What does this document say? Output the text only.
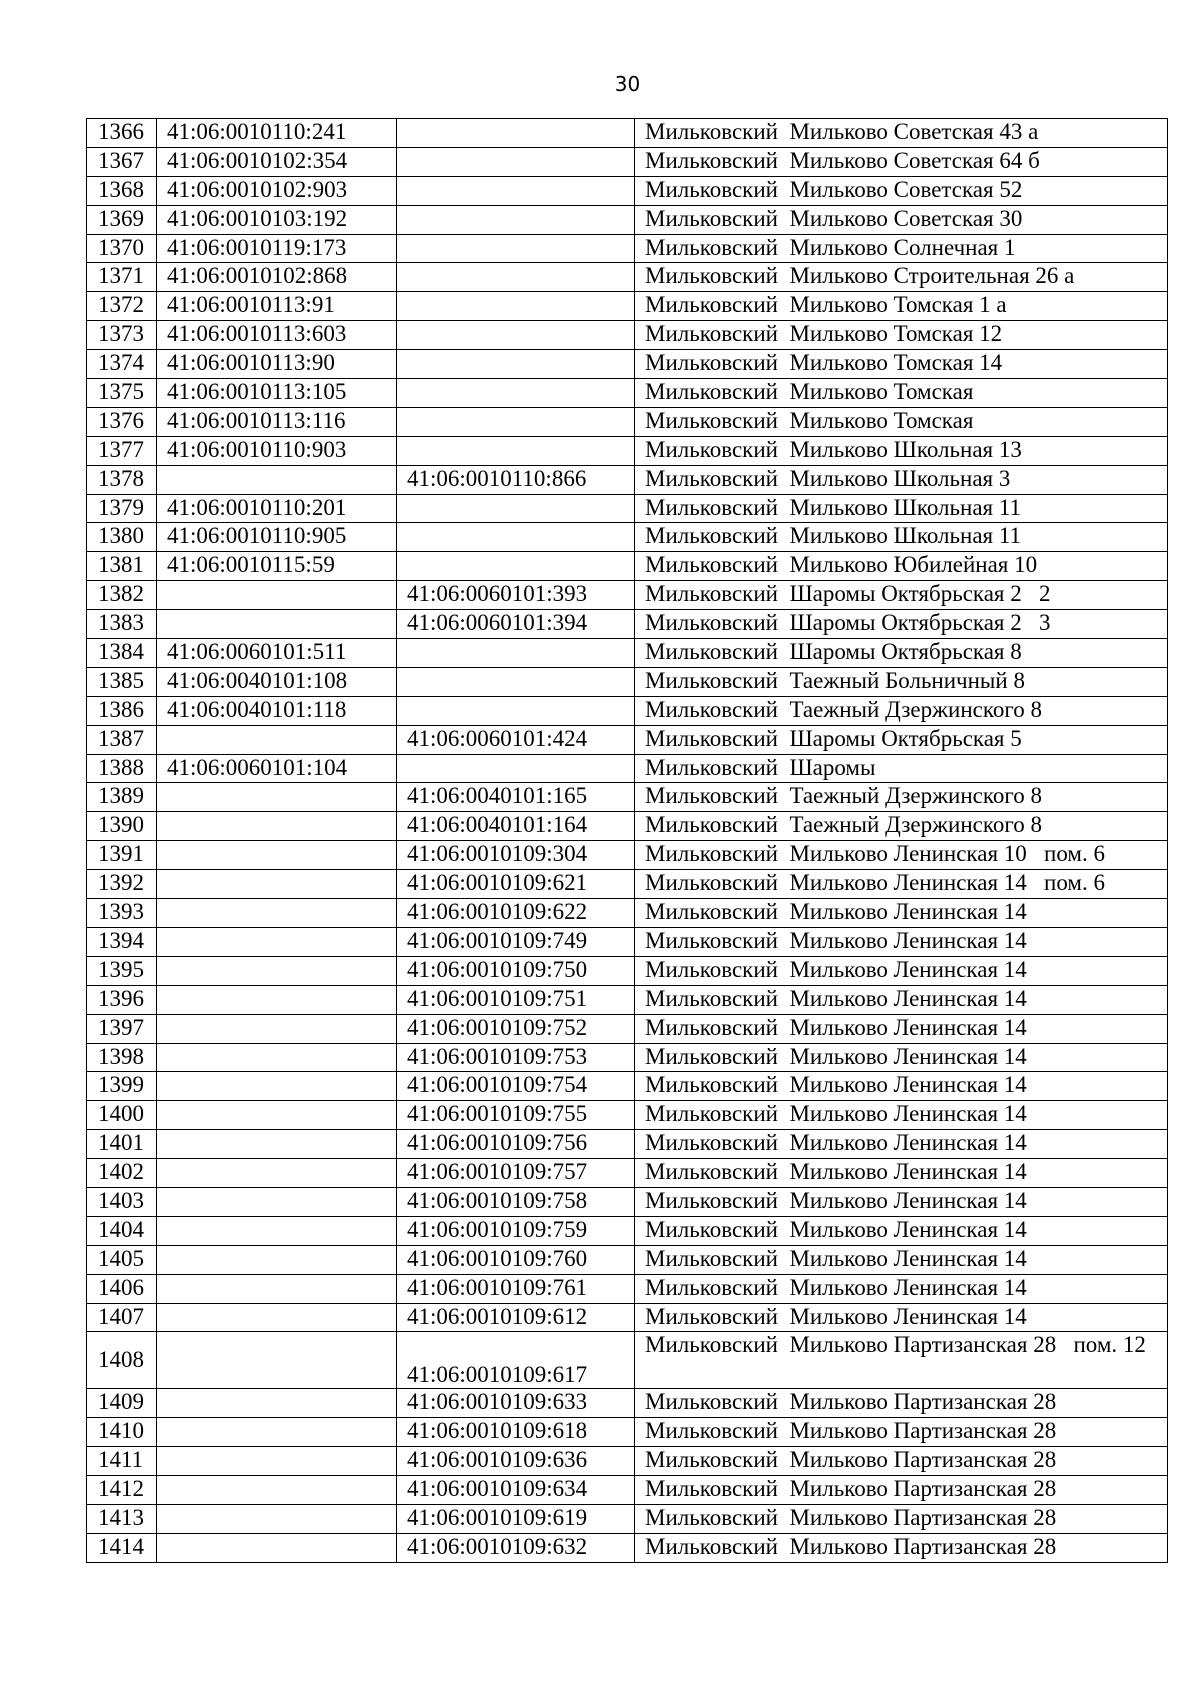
30
1366	41:06:0010110:241		Мильковский  Мильково Советская 43 а
1367	41:06:0010102:354		Мильковский  Мильково Советская 64 б
1368	41:06:0010102:903		Мильковский  Мильково Советская 52
1369	41:06:0010103:192		Мильковский  Мильково Советская 30
1370	41:06:0010119:173		Мильковский  Мильково Солнечная 1
1371	41:06:0010102:868		Мильковский  Мильково Строительная 26 а
1372	41:06:0010113:91		Мильковский  Мильково Томская 1 а
1373	41:06:0010113:603		Мильковский  Мильково Томская 12
1374	41:06:0010113:90		Мильковский  Мильково Томская 14
1375	41:06:0010113:105		Мильковский  Мильково Томская
1376	41:06:0010113:116		Мильковский  Мильково Томская
1377	41:06:0010110:903		Мильковский  Мильково Школьная 13
1378		41:06:0010110:866	Мильковский  Мильково Школьная 3
1379	41:06:0010110:201		Мильковский  Мильково Школьная 11
1380	41:06:0010110:905		Мильковский  Мильково Школьная 11
1381	41:06:0010115:59		Мильковский  Мильково Юбилейная 10
1382		41:06:0060101:393	Мильковский  Шаромы Октябрьская 2   2
1383		41:06:0060101:394	Мильковский  Шаромы Октябрьская 2   3
1384	41:06:0060101:511		Мильковский  Шаромы Октябрьская 8
1385	41:06:0040101:108		Мильковский  Таежный Больничный 8
1386	41:06:0040101:118		Мильковский  Таежный Дзержинского 8
1387		41:06:0060101:424	Мильковский  Шаромы Октябрьская 5
1388	41:06:0060101:104		Мильковский  Шаромы
1389		41:06:0040101:165	Мильковский  Таежный Дзержинского 8
1390		41:06:0040101:164	Мильковский  Таежный Дзержинского 8
1391		41:06:0010109:304	Мильковский  Мильково Ленинская 10   пом. 6
1392		41:06:0010109:621	Мильковский  Мильково Ленинская 14   пом. 6
1393		41:06:0010109:622	Мильковский  Мильково Ленинская 14
1394		41:06:0010109:749	Мильковский  Мильково Ленинская 14
1395		41:06:0010109:750	Мильковский  Мильково Ленинская 14
1396		41:06:0010109:751	Мильковский  Мильково Ленинская 14
1397		41:06:0010109:752	Мильковский  Мильково Ленинская 14
1398		41:06:0010109:753	Мильковский  Мильково Ленинская 14
1399		41:06:0010109:754	Мильковский  Мильково Ленинская 14
1400		41:06:0010109:755	Мильковский  Мильково Ленинская 14
1401		41:06:0010109:756	Мильковский  Мильково Ленинская 14
1402		41:06:0010109:757	Мильковский  Мильково Ленинская 14
1403		41:06:0010109:758	Мильковский  Мильково Ленинская 14
1404		41:06:0010109:759	Мильковский  Мильково Ленинская 14
1405		41:06:0010109:760	Мильковский  Мильково Ленинская 14
1406		41:06:0010109:761	Мильковский  Мильково Ленинская 14
1407		41:06:0010109:612	Мильковский  Мильково Ленинская 14
1408		41:06:0010109:617	Мильковский  Мильково Партизанская 28   пом. 12
1409		41:06:0010109:633	Мильковский  Мильково Партизанская 28
1410		41:06:0010109:618	Мильковский  Мильково Партизанская 28
1411		41:06:0010109:636	Мильковский  Мильково Партизанская 28
1412		41:06:0010109:634	Мильковский  Мильково Партизанская 28
1413		41:06:0010109:619	Мильковский  Мильково Партизанская 28
1414		41:06:0010109:632	Мильковский  Мильково Партизанская 28
